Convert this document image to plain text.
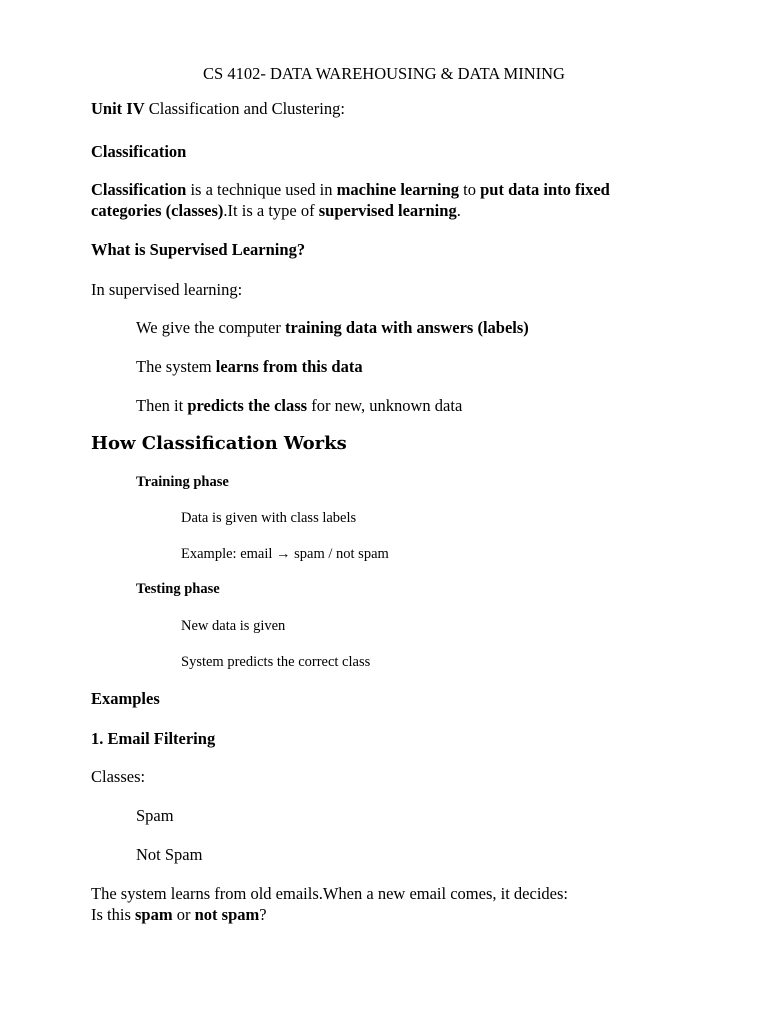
CS 4102- DATA WAREHOUSING & DATA MINING
Unit IV Classification and Clustering:
Classification
Classification is a technique used in machine learning to put data into fixed
categories (classes).It is a type of supervised learning.
What is Supervised Learning?
In supervised learning:
We give the computer training data with answers (labels)
The system learns from this data
Then it predicts the class for new, unknown data
How Classification Works
Training phase
Data is given with class labels
Example: email → spam / not spam
Testing phase
New data is given
System predicts the correct class
Examples
1. Email Filtering
Classes:
Spam
Not Spam
The system learns from old emails.When a new email comes, it decides:
Is this spam or not spam?
